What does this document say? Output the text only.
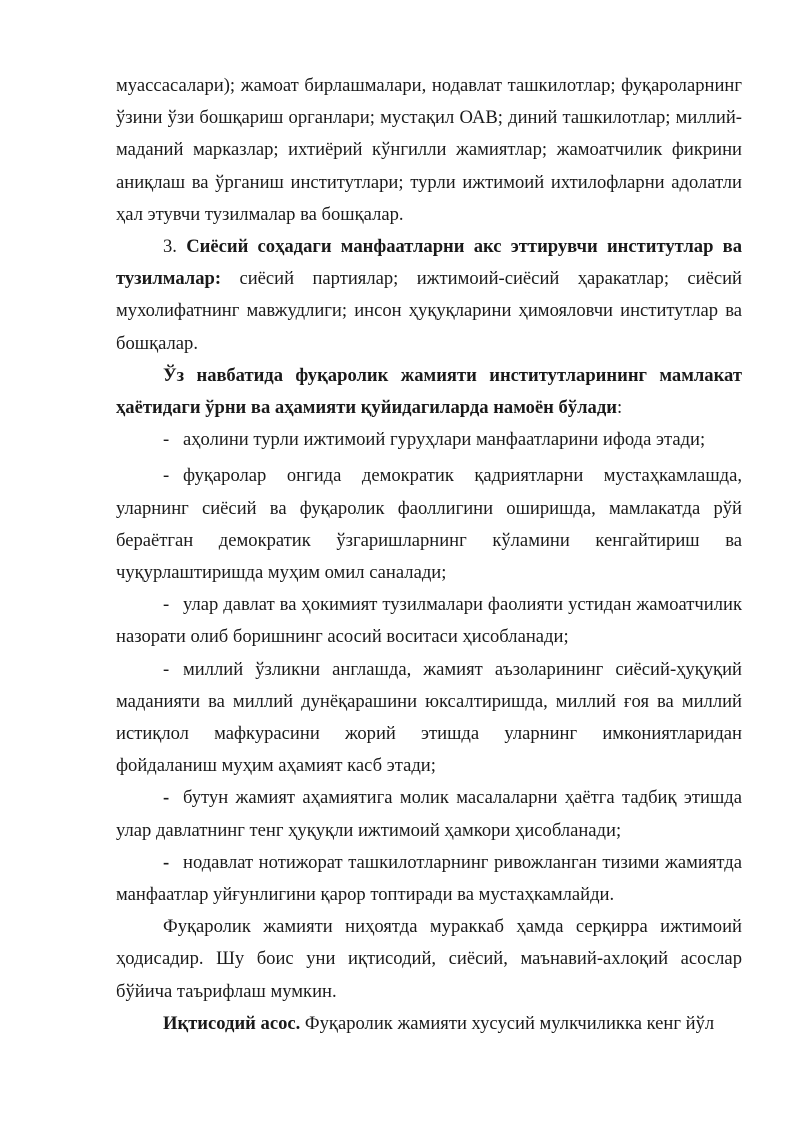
муассасалари); жамоат бирлашмалари, нодавлат ташкилотлар; фуқароларнинг ўзини ўзи бошқариш органлари; мустақил ОАВ; диний ташкилотлар; миллий-маданий марказлар; ихтиёрий кўнгилли жамиятлар; жамоатчилик фикрини аниқлаш ва ўрганиш институтлари; турли ижтимоий ихтилофларни адолатли ҳал этувчи тузилмалар ва бошқалар.

3. Сиёсий соҳадаги манфаатларни акс эттирувчи институтлар ва тузилмалар: сиёсий партиялар; ижтимоий-сиёсий ҳаракатлар; сиёсий мухолифатнинг мавжудлиги; инсон ҳуқуқларини ҳимояловчи институтлар ва бошқалар.

Ўз навбатида фуқаролик жамияти институтларининг мамлакат ҳаётидаги ўрни ва аҳамияти қуйидагиларда намоён бўлади:

- аҳолини турли ижтимоий гуруҳлари манфаатларини ифода этади;

- фуқаролар онгида демократик қадриятларни мустаҳкамлашда, уларнинг сиёсий ва фуқаролик фаоллигини оширишда, мамлакатда рўй бераётган демократик ўзгаришларнинг кўламини кенгайтириш ва чуқурлаштиришда муҳим омил саналади;

- улар давлат ва ҳокимият тузилмалари фаолияти устидан жамоатчилик назорати олиб боришнинг асосий воситаси ҳисобланади;

- миллий ўзликни англашда, жамият аъзоларининг сиёсий-ҳуқуқий маданияти ва миллий дунёқарашини юксалтиришда, миллий ғоя ва миллий истиқлол мафкурасини жорий этишда уларнинг имкониятларидан фойдаланиш муҳим аҳамият касб этади;

- бутун жамият аҳамиятига молик масалаларни ҳаётга тадбиқ этишда улар давлатнинг тенг ҳуқуқли ижтимоий ҳамкори ҳисобланади;

- нодавлат нотижорат ташкилотларнинг ривожланган тизими жамиятда манфаатлар уйғунлигини қарор топтиради ва мустаҳкамлайди.

Фуқаролик жамияти ниҳоятда мураккаб ҳамда серқирра ижтимоий ҳодисадир. Шу боис уни иқтисодий, сиёсий, маънавий-ахлоқий асослар бўйича таърифлаш мумкин.

Иқтисодий асос. Фуқаролик жамияти хусусий мулкчиликка кенг йўл
